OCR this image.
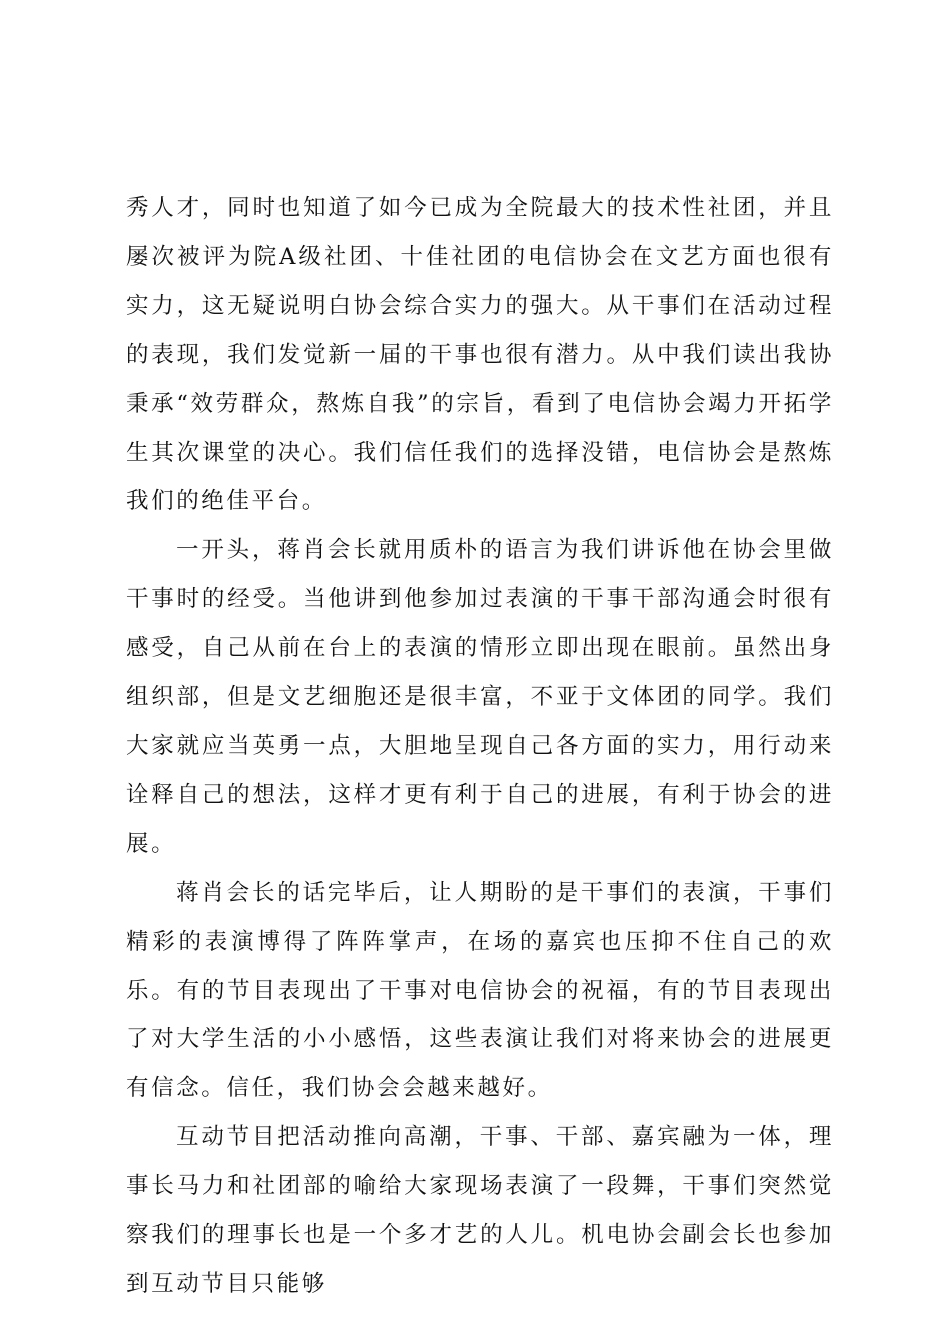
秀人才，同时也知道了如今已成为全院最大的技术性社团，并且屡次被评为院A级社团、十佳社团的电信协会在文艺方面也很有实力，这无疑说明白协会综合实力的强大。从干事们在活动过程的表现，我们发觉新一届的干事也很有潜力。从中我们读出我协秉承“效劳群众，熬炼自我”的宗旨，看到了电信协会竭力开拓学生其次课堂的决心。我们信任我们的选择没错，电信协会是熬炼我们的绝佳平台。

一开头，蒋肖会长就用质朴的语言为我们讲诉他在协会里做干事时的经受。当他讲到他参加过表演的干事干部沟通会时很有感受，自己从前在台上的表演的情形立即出现在眼前。虽然出身组织部，但是文艺细胞还是很丰富，不亚于文体团的同学。我们大家就应当英勇一点，大胆地呈现自己各方面的实力，用行动来诠释自己的想法，这样才更有利于自己的进展，有利于协会的进展。

蒋肖会长的话完毕后，让人期盼的是干事们的表演，干事们精彩的表演博得了阵阵掌声，在场的嘉宾也压抑不住自己的欢乐。有的节目表现出了干事对电信协会的祝福，有的节目表现出了对大学生活的小小感悟，这些表演让我们对将来协会的进展更有信念。信任，我们协会会越来越好。

互动节目把活动推向高潮，干事、干部、嘉宾融为一体，理事长马力和社团部的喻给大家现场表演了一段舞，干事们突然觉察我们的理事长也是一个多才艺的人儿。机电协会副会长也参加到互动节目只能够
